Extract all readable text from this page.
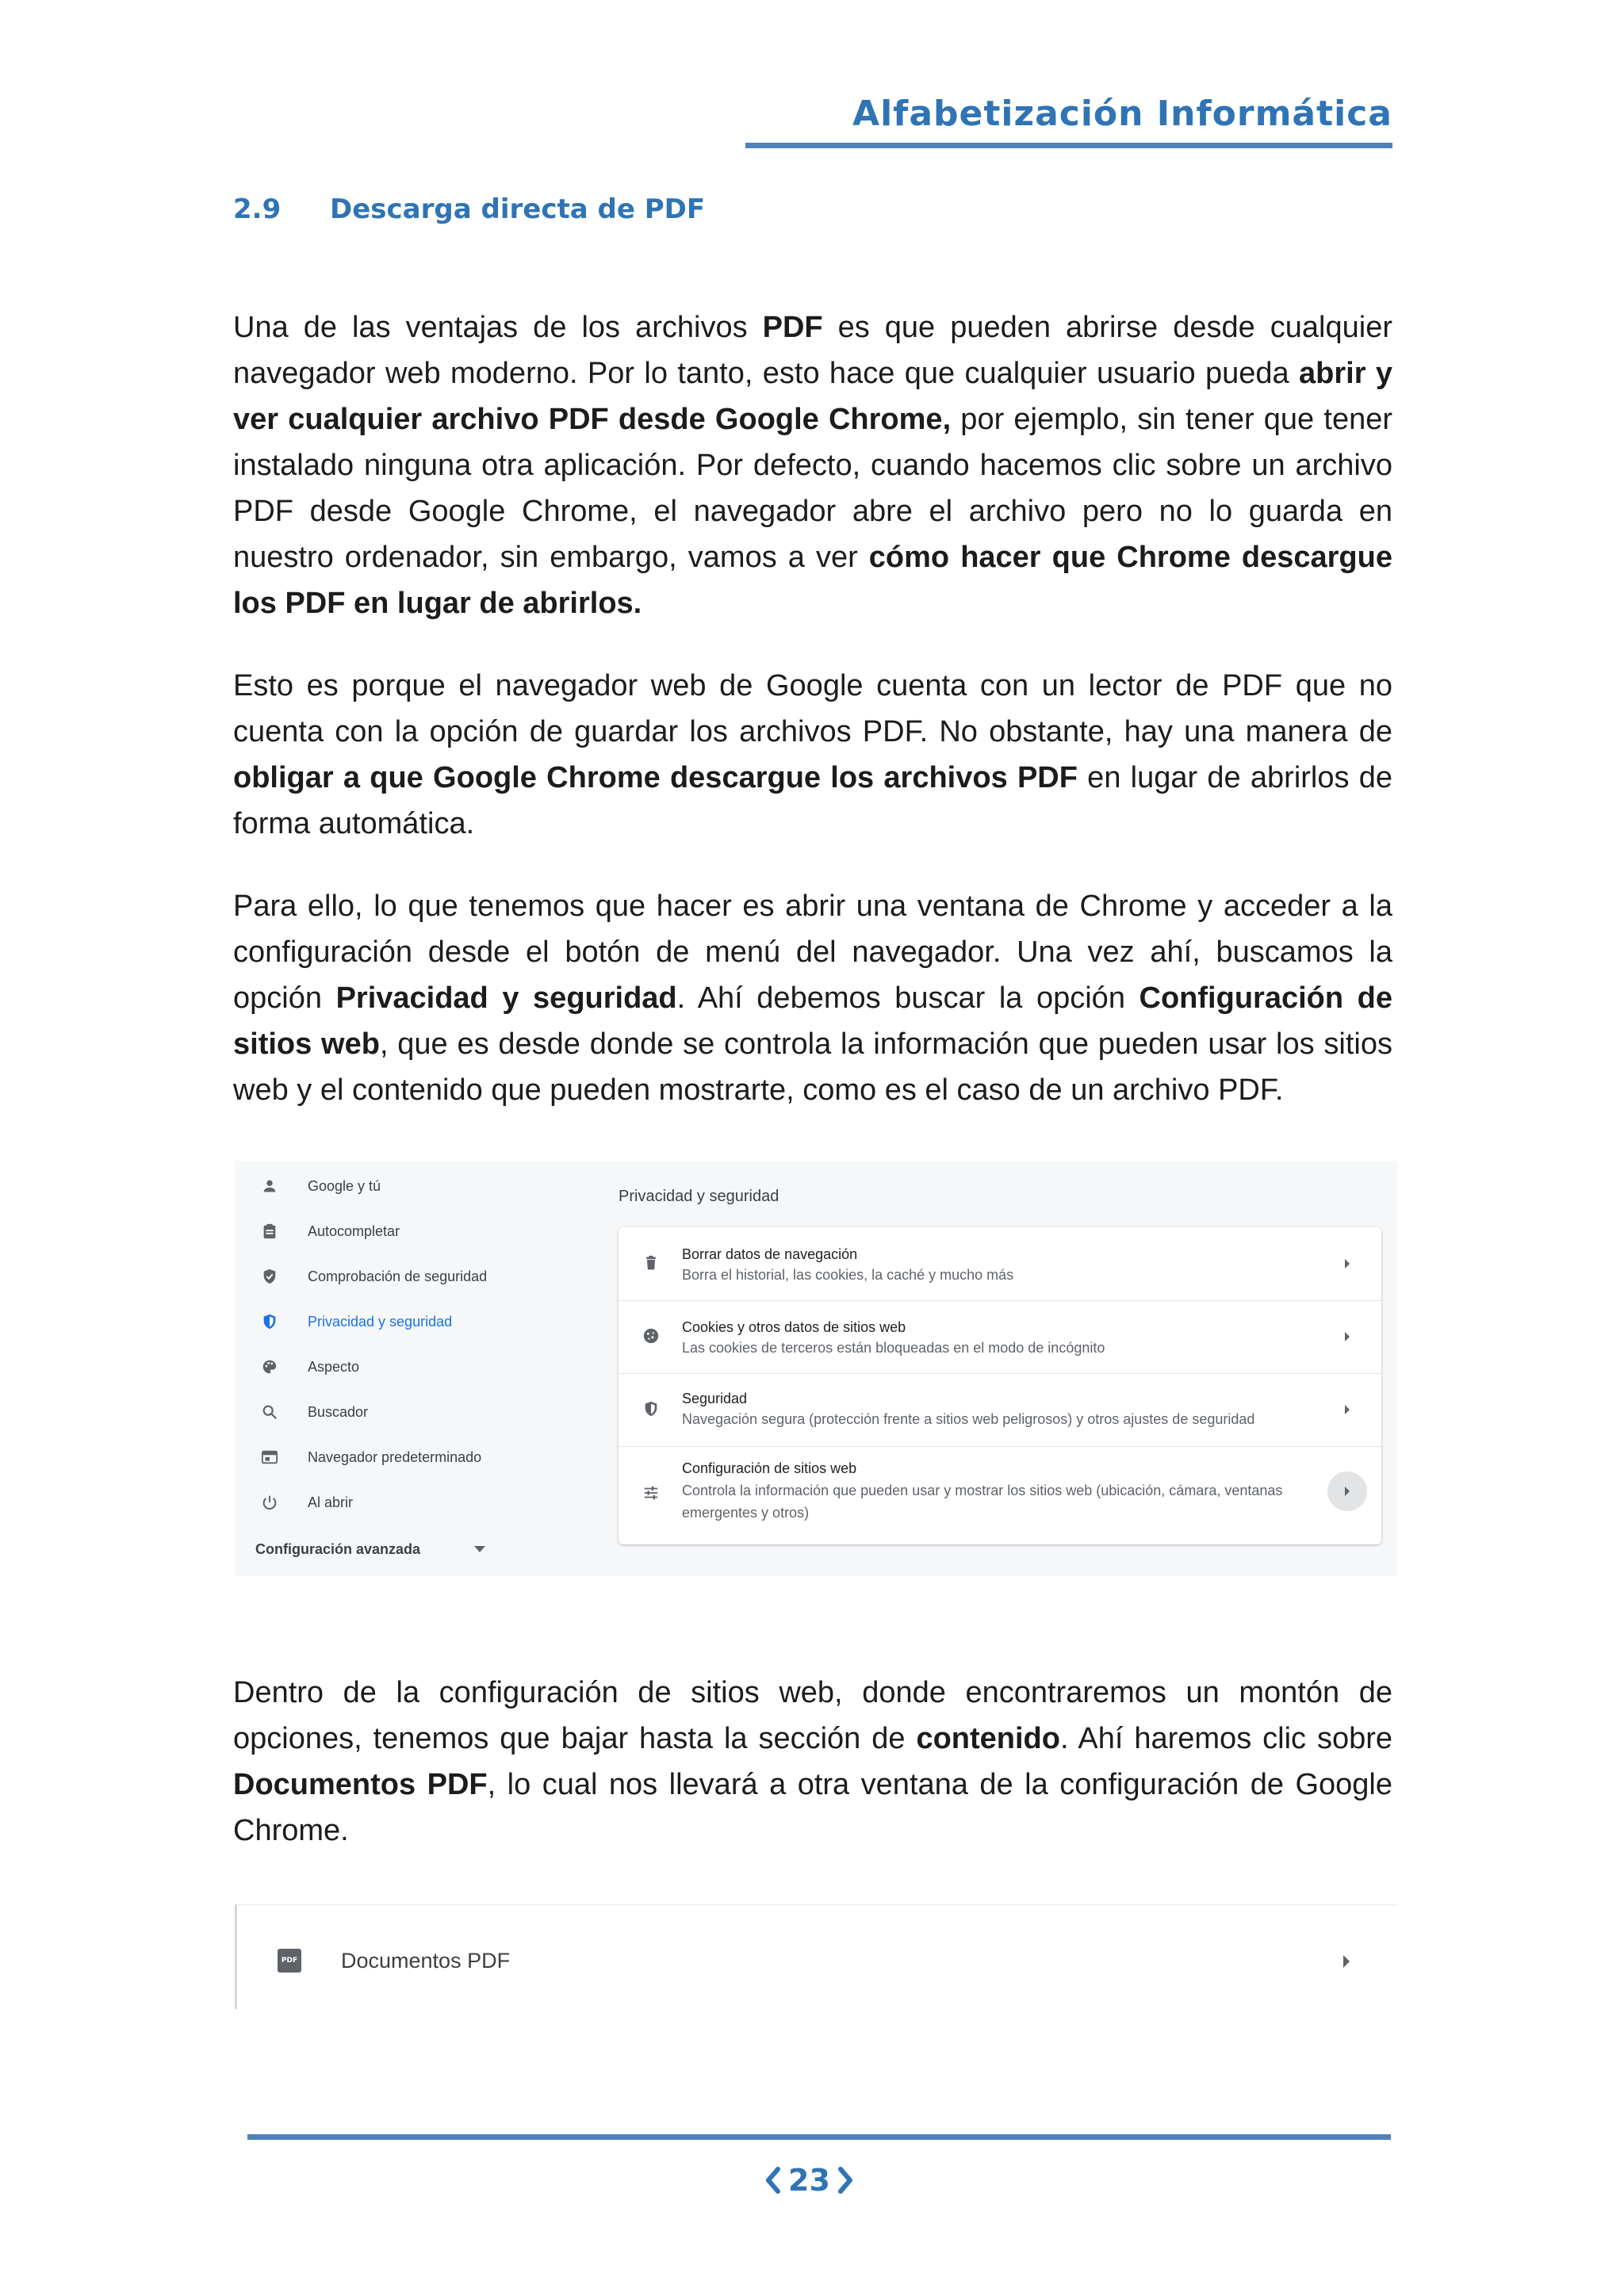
Alfabetización Informática
2.9 Descarga directa de PDF
Una de las ventajas de los archivos PDF es que pueden abrirse desde cualquier navegador web moderno. Por lo tanto, esto hace que cualquier usuario pueda abrir y ver cualquier archivo PDF desde Google Chrome, por ejemplo, sin tener que tener instalado ninguna otra aplicación. Por defecto, cuando hacemos clic sobre un archivo PDF desde Google Chrome, el navegador abre el archivo pero no lo guarda en nuestro ordenador, sin embargo, vamos a ver cómo hacer que Chrome descargue los PDF en lugar de abrirlos.
Esto es porque el navegador web de Google cuenta con un lector de PDF que no cuenta con la opción de guardar los archivos PDF. No obstante, hay una manera de obligar a que Google Chrome descargue los archivos PDF en lugar de abrirlos de forma automática.
Para ello, lo que tenemos que hacer es abrir una ventana de Chrome y acceder a la configuración desde el botón de menú del navegador. Una vez ahí, buscamos la opción Privacidad y seguridad. Ahí debemos buscar la opción Configuración de sitios web, que es desde donde se controla la información que pueden usar los sitios web y el contenido que pueden mostrarte, como es el caso de un archivo PDF.
Google y tú
Autocompletar
Comprobación de seguridad
Privacidad y seguridad
Aspecto
Buscador
Navegador predeterminado
Al abrir
Configuración avanzada
Privacidad y seguridad
Borrar datos de navegación
Borra el historial, las cookies, la caché y mucho más
Cookies y otros datos de sitios web
Las cookies de terceros están bloqueadas en el modo de incógnito
Seguridad
Navegación segura (protección frente a sitios web peligrosos) y otros ajustes de seguridad
Configuración de sitios web
Controla la información que pueden usar y mostrar los sitios web (ubicación, cámara, ventanas emergentes y otros)
Dentro de la configuración de sitios web, donde encontraremos un montón de opciones, tenemos que bajar hasta la sección de contenido. Ahí haremos clic sobre Documentos PDF, lo cual nos llevará a otra ventana de la configuración de Google Chrome.
PDF Documentos PDF
23
